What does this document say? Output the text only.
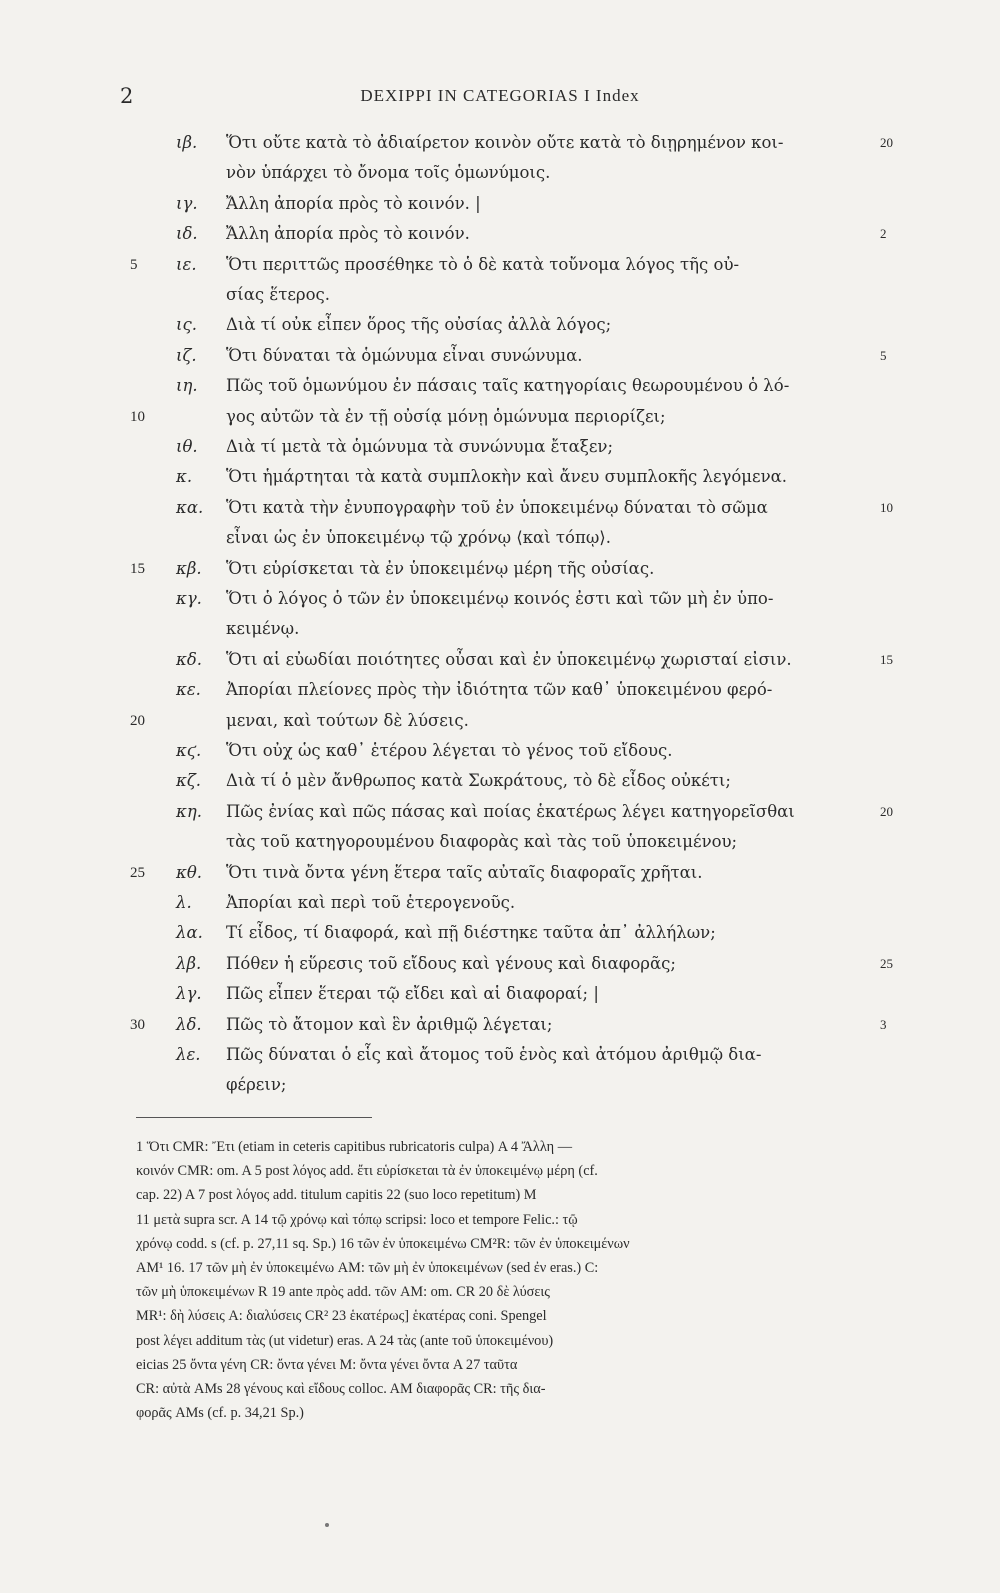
2	DEXIPPI IN CATEGORIAS I Index
ιβ. Ὅτι οὔτε κατὰ τὸ ἀδιαίρετον κοινὸν οὔτε κατὰ τὸ διῃρημένον κοι-	20
νὸν ὑπάρχει τὸ ὄνομα τοῖς ὁμωνύμοις.
ιγ. Ἄλλη ἀπορία πρὸς τὸ κοινόν. |
ιδ. Ἄλλη ἀπορία πρὸς τὸ κοινόν.	2
5 ιε. Ὅτι περιττῶς προσέθηκε τὸ ὁ δὲ κατὰ τοὔνομα λόγος τῆς οὐ-
σίας ἕτερος.
ις. Διὰ τί οὐκ εἶπεν ὅρος τῆς οὐσίας ἀλλὰ λόγος;
ιζ. Ὅτι δύναται τὰ ὁμώνυμα εἶναι συνώνυμα.	5
ιη. Πῶς τοῦ ὁμωνύμου ἐν πάσαις ταῖς κατηγορίαις θεωρουμένου ὁ λό-
10	γος αὐτῶν τὰ ἐν τῇ οὐσίᾳ μόνῃ ὁμώνυμα περιορίζει;
ιθ. Διὰ τί μετὰ τὰ ὁμώνυμα τὰ συνώνυμα ἔταξεν;
κ. Ὅτι ἡμάρτηται τὰ κατὰ συμπλοκὴν καὶ ἄνευ συμπλοκῆς λεγόμενα.
κα. Ὅτι κατὰ τὴν ἐνυπογραφὴν τοῦ ἐν ὑποκειμένῳ δύναται τὸ σῶμα	10
εἶναι ὡς ἐν ὑποκειμένῳ τῷ χρόνῳ ⟨καὶ τόπῳ⟩.
15 κβ. Ὅτι εὑρίσκεται τὰ ἐν ὑποκειμένῳ μέρη τῆς οὐσίας.
κγ. Ὅτι ὁ λόγος ὁ τῶν ἐν ὑποκειμένῳ κοινός ἐστι καὶ τῶν μὴ ἐν ὑπο-
κειμένῳ.
κδ. Ὅτι αἱ εὐωδίαι ποιότητες οὖσαι καὶ ἐν ὑποκειμένῳ χωρισταί εἰσιν.	15
κε. Ἀπορίαι πλείονες πρὸς τὴν ἰδιότητα τῶν καθ᾽ ὑποκειμένου φερό-
20	μεναι, καὶ τούτων δὲ λύσεις.
κϛ. Ὅτι οὐχ ὡς καθ᾽ ἑτέρου λέγεται τὸ γένος τοῦ εἴδους.
κζ. Διὰ τί ὁ μὲν ἄνθρωπος κατὰ Σωκράτους, τὸ δὲ εἶδος οὐκέτι;
κη. Πῶς ἐνίας καὶ πῶς πάσας καὶ ποίας ἑκατέρως λέγει κατηγορεῖσθαι	20
τὰς τοῦ κατηγορουμένου διαφορὰς καὶ τὰς τοῦ ὑποκειμένου;
25 κθ. Ὅτι τινὰ ὄντα γένη ἕτερα ταῖς αὐταῖς διαφοραῖς χρῆται.
λ. Ἀπορίαι καὶ περὶ τοῦ ἑτερογενοῦς.
λα. Τί εἶδος, τί διαφορά, καὶ πῇ διέστηκε ταῦτα ἀπ᾽ ἀλλήλων;
λβ. Πόθεν ἡ εὕρεσις τοῦ εἴδους καὶ γένους καὶ διαφορᾶς;	25
λγ. Πῶς εἶπεν ἕτεραι τῷ εἴδει καὶ αἱ διαφοραί; |
30 λδ. Πῶς τὸ ἄτομον καὶ ἓν ἀριθμῷ λέγεται;	3
λε. Πῶς δύναται ὁ εἷς καὶ ἄτομος τοῦ ἑνὸς καὶ ἀτόμου ἀριθμῷ δια-
φέρειν;
1 Ὅτι CMR: Ἔτι (etiam in ceteris capitibus rubricatoris culpa) A 4 Ἄλλη —
κοινόν CMR: om. A 5 post λόγος add. ἔτι εὑρίσκεται τὰ ἐν ὑποκειμένῳ μέρη (cf.
cap. 22) A 7 post λόγος add. titulum capitis 22 (suo loco repetitum) M
11 μετὰ supra scr. A 14 τῷ χρόνῳ καὶ τόπῳ scripsi: loco et tempore Felic.: τῷ
χρόνῳ codd. s (cf. p. 27,11 sq. Sp.) 16 τῶν ἐν ὑποκειμένω CM²R: τῶν ἐν ὑποκειμένων
AM¹ 16. 17 τῶν μὴ ἐν ὑποκειμένω AM: τῶν μὴ ἐν ὑποκειμένων (sed ἐν eras.) C:
τῶν μὴ ὑποκειμένων R 19 ante πρὸς add. τῶν AM: om. CR 20 δὲ λύσεις
MR¹: δὴ λύσεις A: διαλύσεις CR² 23 ἑκατέρως] ἑκατέρας coni. Spengel
post λέγει additum τὰς (ut videtur) eras. A 24 τὰς (ante τοῦ ὑποκειμένου)
eicias 25 ὄντα γένη CR: ὄντα γένει M: ὄντα γένει ὄντα A 27 ταῦτα
CR: αὐτὰ AMs 28 γένους καὶ εἴδους colloc. AM διαφορᾶς CR: τῆς δια-
φορᾶς AMs (cf. p. 34,21 Sp.)
